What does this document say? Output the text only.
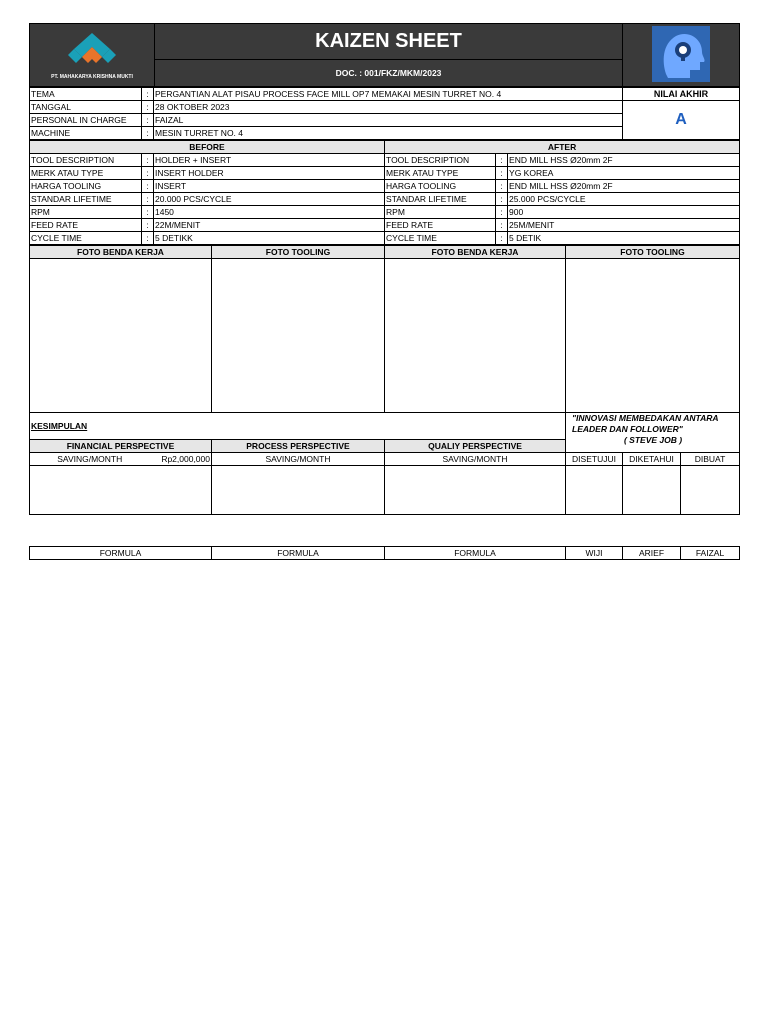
PT. MAHAKARYA KRISHNA MUKTI
	KAIZEN SHEET	
DOC. : 001/FKZ/MKM/2023
TEMA	:	PERGANTIAN ALAT PISAU PROCESS FACE MILL OP7 MEMAKAI MESIN TURRET NO. 4	NILAI AKHIR
TANGGAL	:	28 OKTOBER 2023	A
PERSONAL IN CHARGE	:	FAIZAL	
MACHINE	:	MESIN TURRET NO. 4	
BEFORE			AFTER		
TOOL DESCRIPTION	:	HOLDER + INSERT	TOOL DESCRIPTION	:	END MILL HSS Ø20mm 2F
MERK ATAU TYPE	:	INSERT HOLDER	MERK ATAU TYPE	:	YG KOREA
HARGA TOOLING	:	INSERT	HARGA TOOLING	:	END MILL HSS Ø20mm 2F
STANDAR LIFETIME	:	20.000 PCS/CYCLE	STANDAR LIFETIME	:	25.000 PCS/CYCLE
RPM	:	1450	RPM	:	900
FEED RATE	:	22M/MENIT	FEED RATE	:	25M/MENIT
CYCLE TIME	:	5 DETIKK	CYCLE TIME	:	5 DETIK
FOTO BENDA KERJA	FOTO TOOLING	FOTO BENDA KERJA	FOTO TOOLING

KESIMPULAN				"INNOVASI MEMBEDAKAN ANTARA LEADER DAN FOLLOWER"
( STEVE JOB )		

FINANCIAL PERSPECTIVE		PROCESS PERSPECTIVE	QUALIY PERSPECTIVE			
SAVING/MONTH	Rp2,000,000	SAVING/MONTH	SAVING/MONTH	DISETUJUI	DIKETAHUI	DIBUAT

FORMULA	FORMULA	FORMULA	WIJI	ARIEF	FAIZAL
